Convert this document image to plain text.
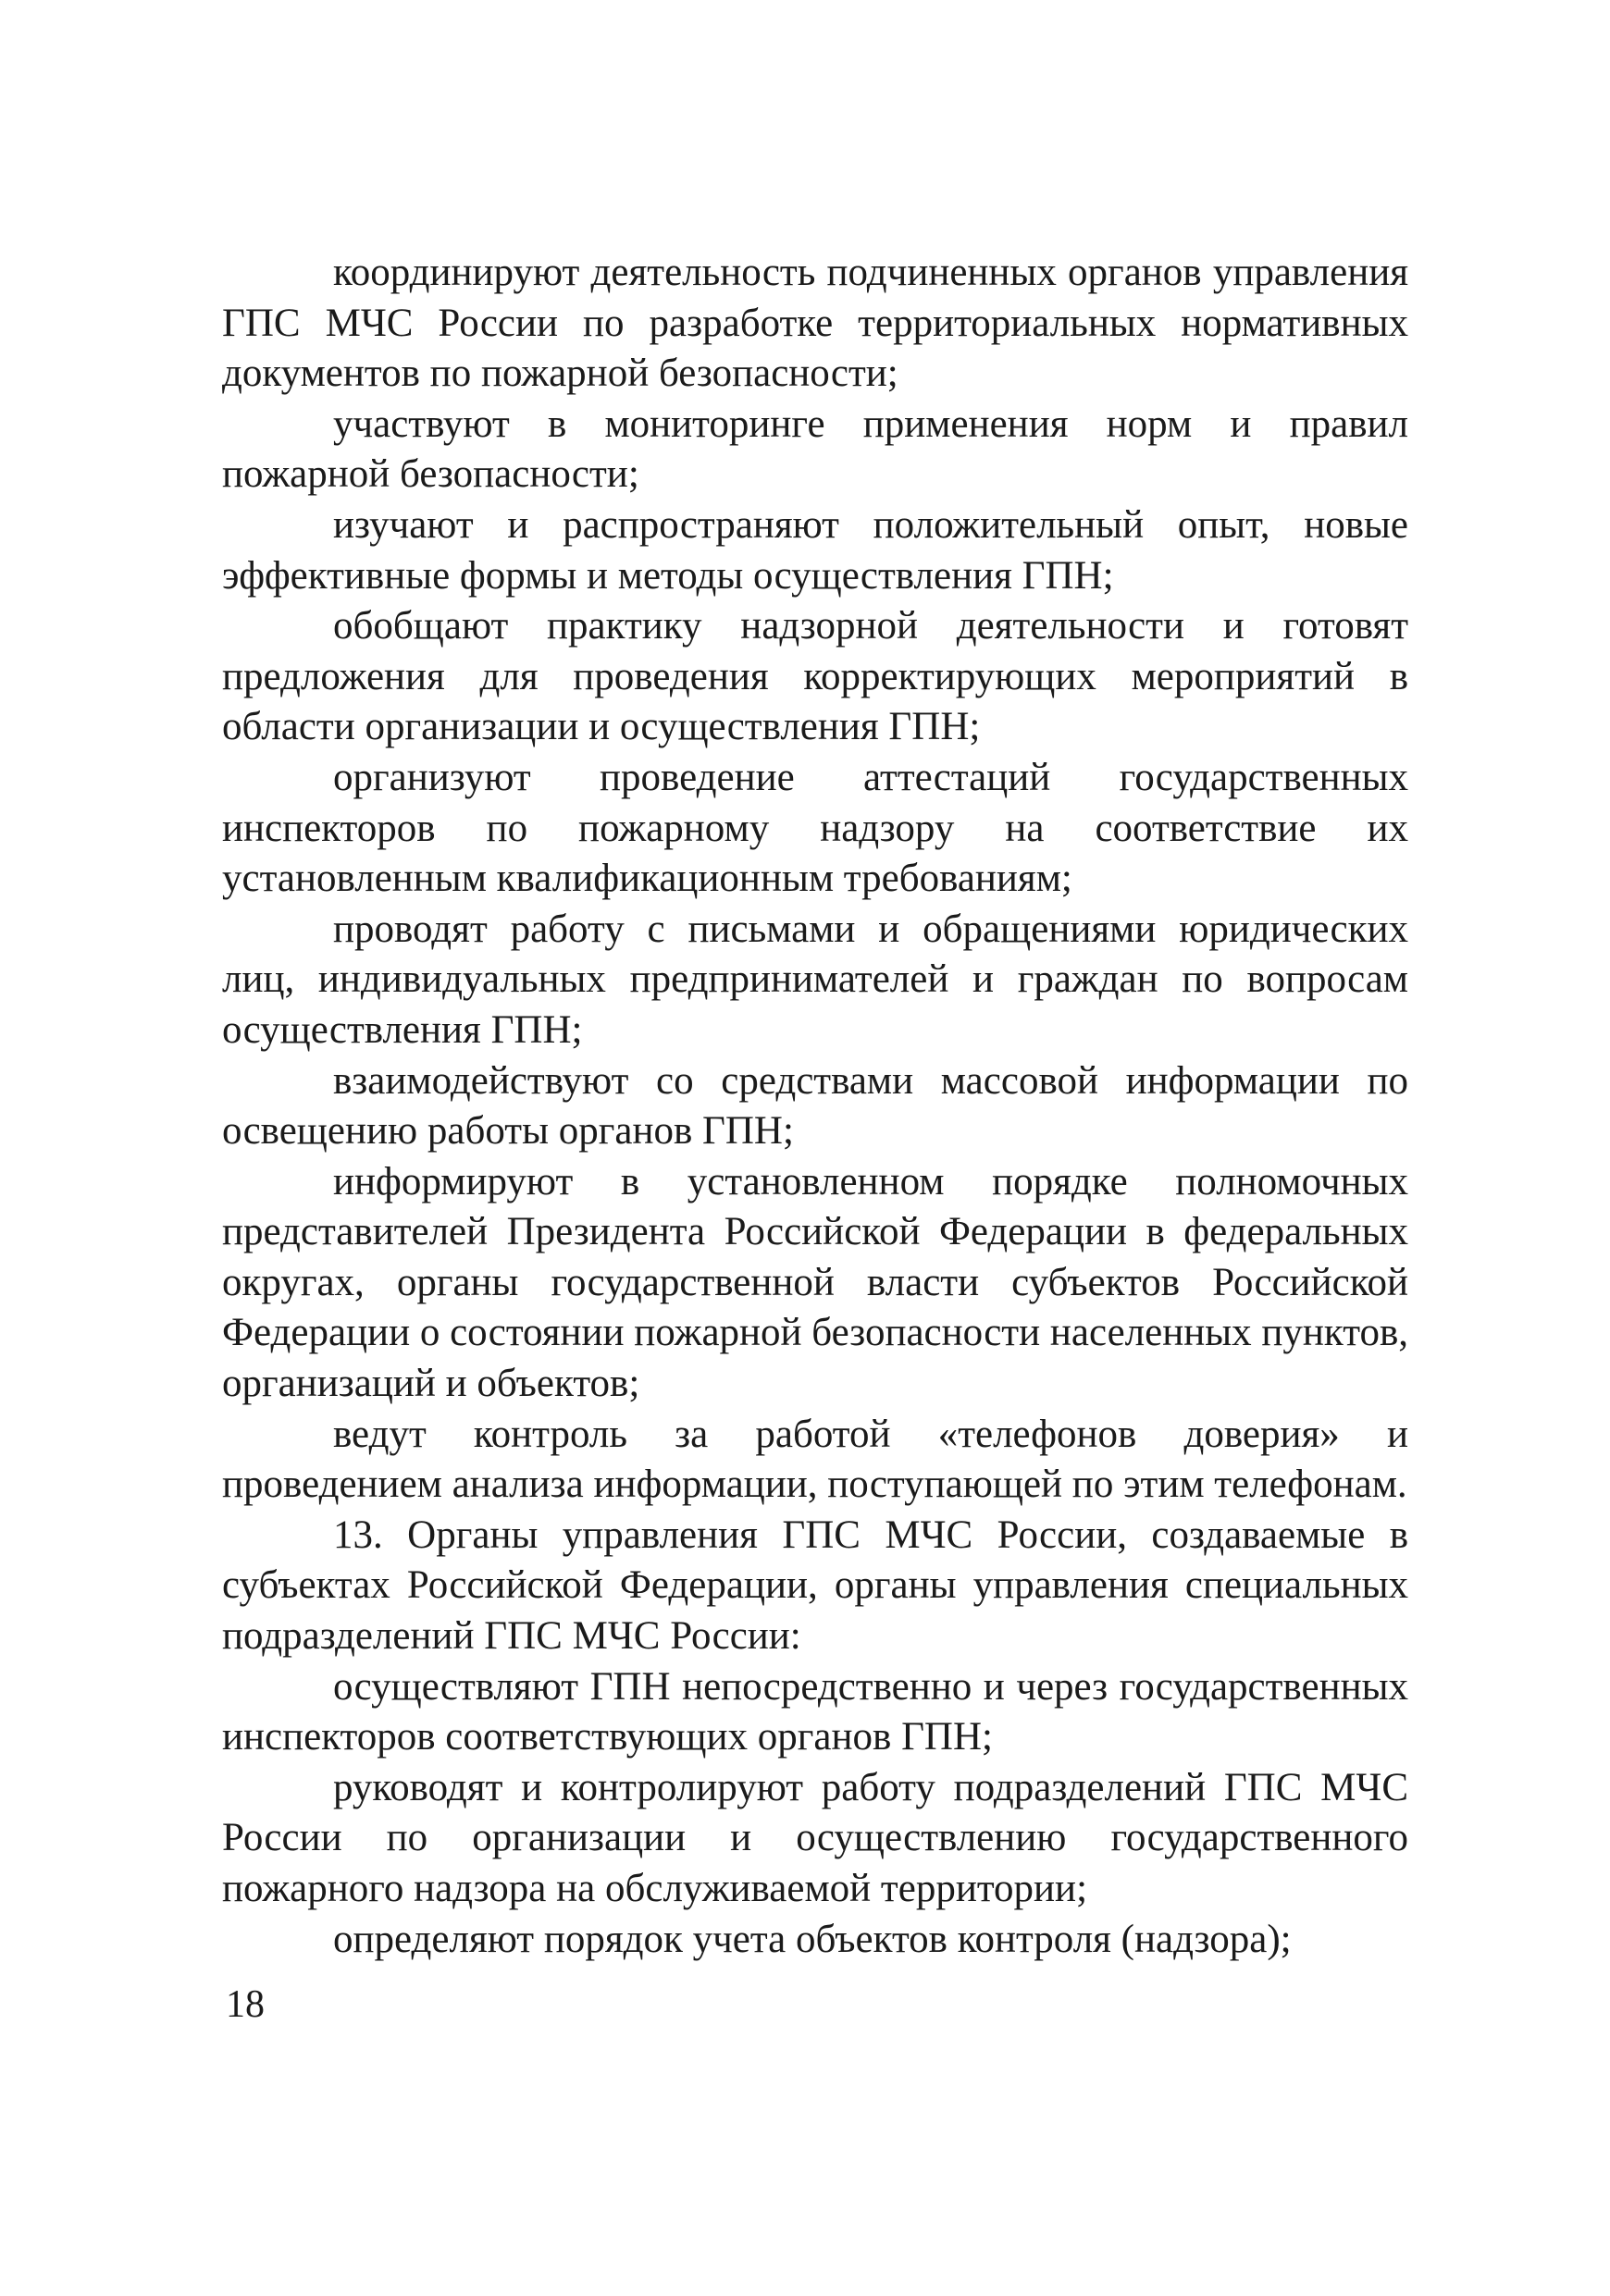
координируют деятельность подчиненных органов управления ГПС МЧС России по разработке территориальных нормативных документов по пожарной безопасности;

участвуют в мониторинге применения норм и правил пожарной безопасности;

изучают и распространяют положительный опыт, новые эффективные формы и методы осуществления ГПН;

обобщают практику надзорной деятельности и готовят предложения для проведения корректирующих мероприятий в области организации и осуществления ГПН;

организуют проведение аттестаций государственных инспекторов по пожарному надзору на соответствие их установленным квалификационным требованиям;

проводят работу с письмами и обращениями юридических лиц, индивидуальных предпринимателей и граждан по вопросам осуществления ГПН;

взаимодействуют со средствами массовой информации по освещению работы органов ГПН;

информируют в установленном порядке полномочных представителей Президента Российской Федерации в федеральных округах, органы государственной власти субъектов Российской Федерации о состоянии пожарной безопасности населенных пунктов, организаций и объектов;

ведут контроль за работой «телефонов доверия» и проведением анализа информации, поступающей по этим телефонам.

13. Органы управления ГПС МЧС России, создаваемые в субъектах Российской Федерации, органы управления специальных подразделений ГПС МЧС России:

осуществляют ГПН непосредственно и через государственных инспекторов соответствующих органов ГПН;

руководят и контролируют работу подразделений ГПС МЧС России по организации и осуществлению государственного пожарного надзора на обслуживаемой территории;

определяют порядок учета объектов контроля (надзора);

18
